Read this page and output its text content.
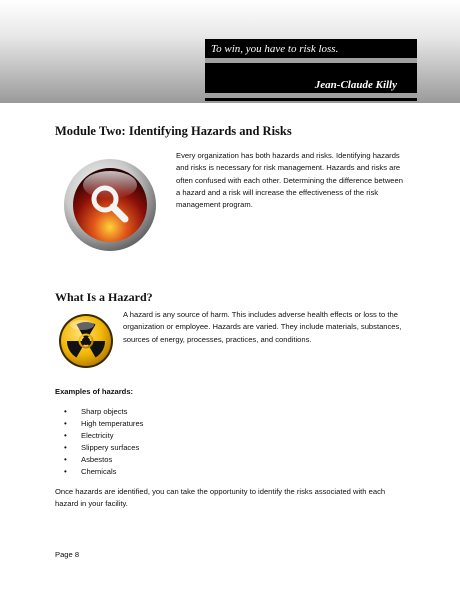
To win, you have to risk loss.
Jean-Claude Killy
Module Two: Identifying Hazards and Risks

Every organization has both hazards and risks. Identifying hazards and risks is necessary for risk management. Hazards and risks are often confused with each other. Determining the difference between a hazard and a risk will increase the effectiveness of the risk management program.

What Is a Hazard?

A hazard is any source of harm. This includes adverse health effects or loss to the organization or employee. Hazards are varied. They include materials, substances, sources of energy, processes, practices, and conditions.

Examples of hazards:

• Sharp objects
• High temperatures
• Electricity
• Slippery surfaces
• Asbestos
• Chemicals

Once hazards are identified, you can take the opportunity to identify the risks associated with each hazard in your facility.

Page 8
